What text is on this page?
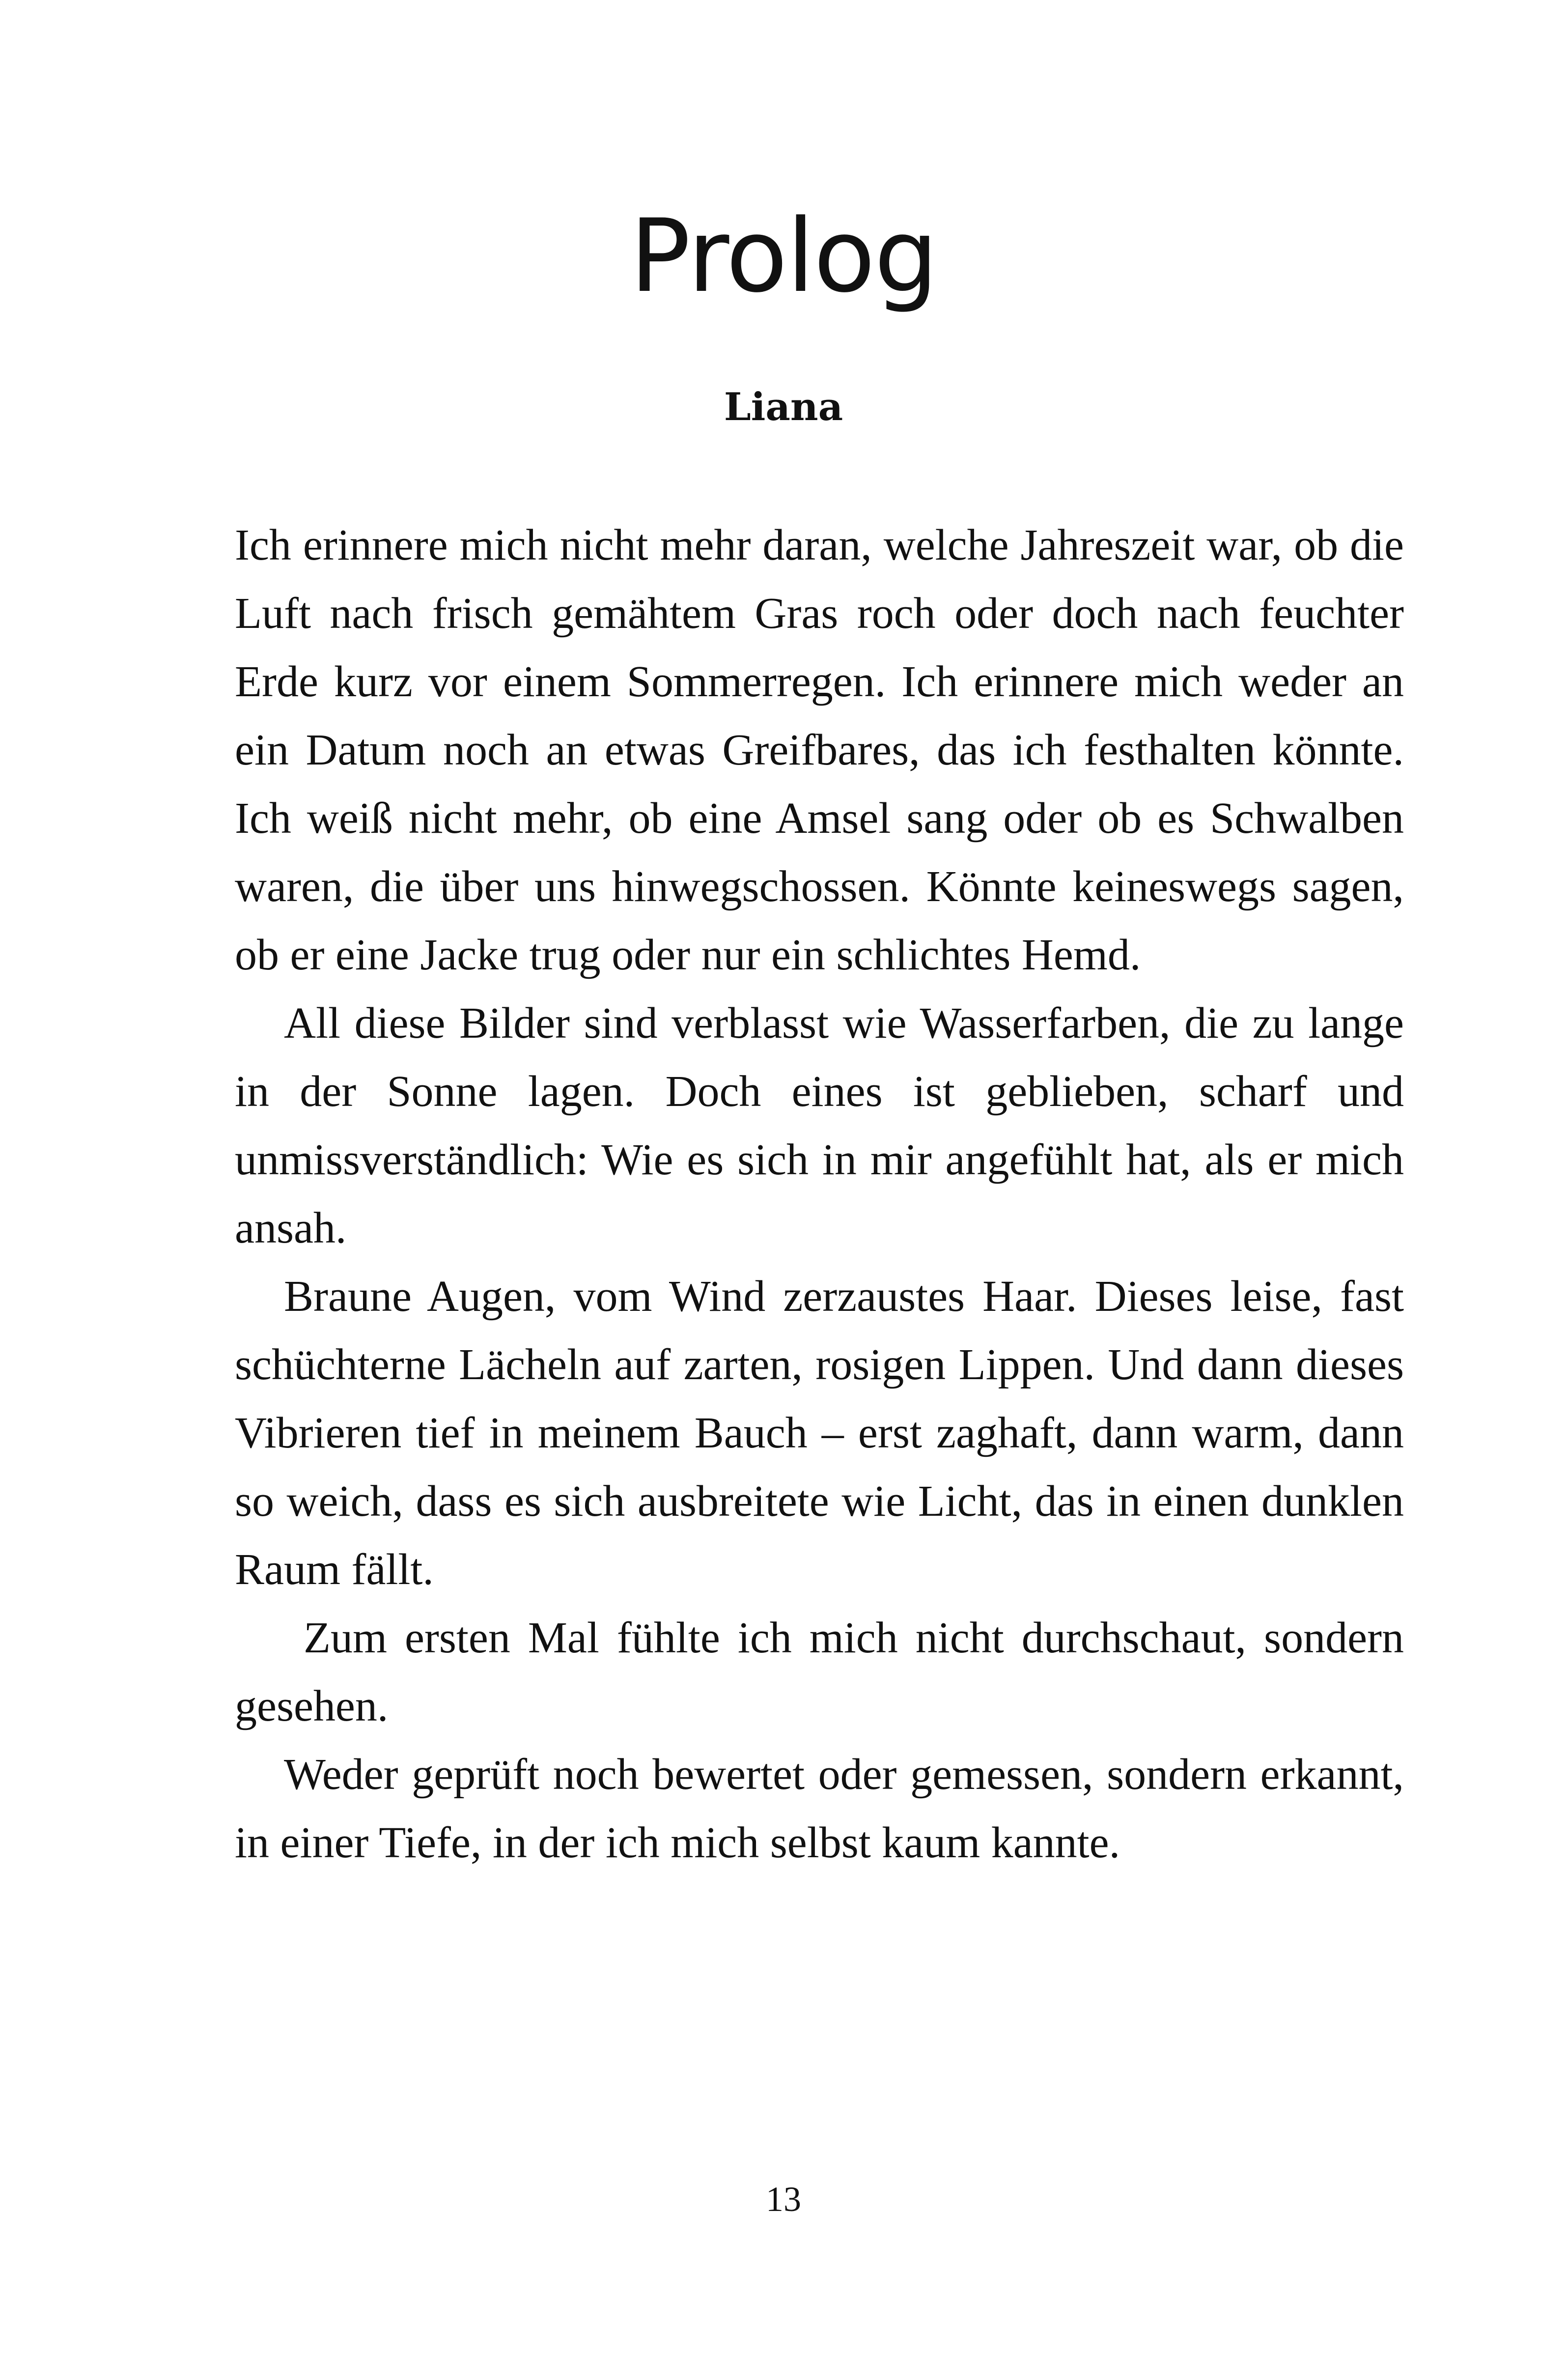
Prolog
Liana

Ich erinnere mich nicht mehr daran, welche Jahreszeit war, ob die Luft nach frisch gemähtem Gras roch oder doch nach feuchter Erde kurz vor einem Sommerregen. Ich erinnere mich weder an ein Datum noch an etwas Greifbares, das ich festhalten könnte. Ich weiß nicht mehr, ob eine Amsel sang oder ob es Schwalben waren, die über uns hinwegschossen. Könnte keineswegs sagen, ob er eine Jacke trug oder nur ein schlichtes Hemd.

All diese Bilder sind verblasst wie Wasserfarben, die zu lange in der Sonne lagen. Doch eines ist geblieben, scharf und unmissverständlich: Wie es sich in mir angefühlt hat, als er mich ansah.

Braune Augen, vom Wind zerzaustes Haar. Dieses leise, fast schüchterne Lächeln auf zarten, rosigen Lippen. Und dann dieses Vibrieren tief in meinem Bauch – erst zaghaft, dann warm, dann so weich, dass es sich ausbreitete wie Licht, das in einen dunklen Raum fällt.

Zum ersten Mal fühlte ich mich nicht durchschaut, sondern gesehen.

Weder geprüft noch bewertet oder gemessen, sondern erkannt, in einer Tiefe, in der ich mich selbst kaum kannte.

13
